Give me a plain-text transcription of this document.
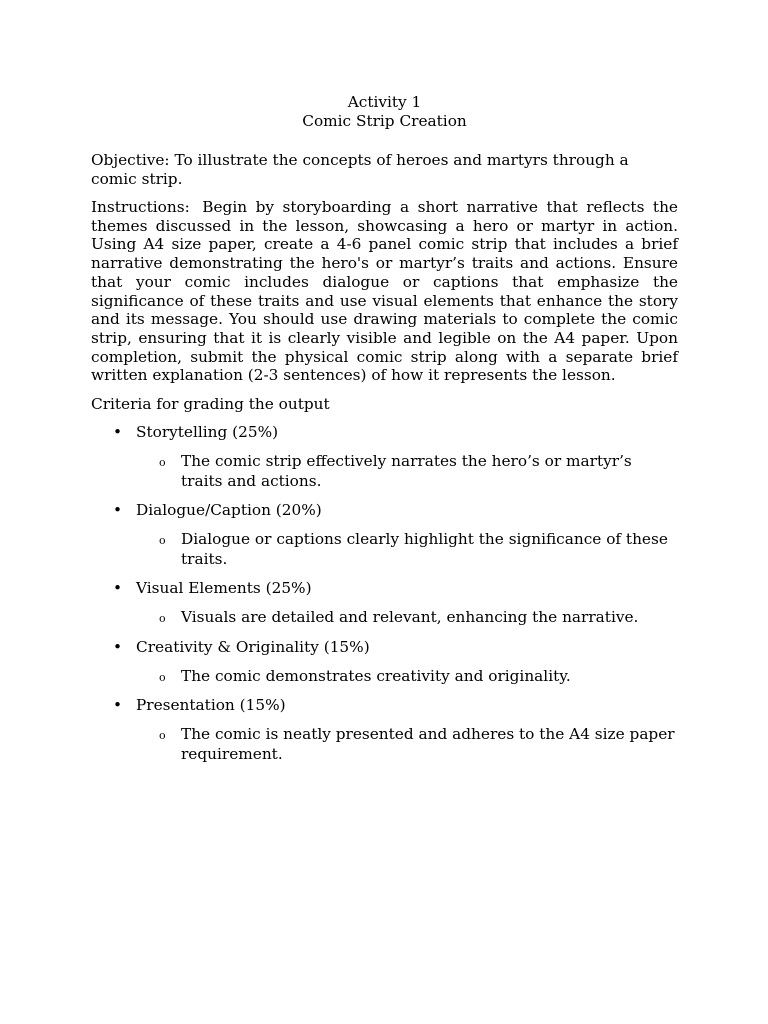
Activity 1
Comic Strip Creation

Objective: To illustrate the concepts of heroes and martyrs through a comic strip.

Instructions: Begin by storyboarding a short narrative that reflects the themes discussed in the lesson, showcasing a hero or martyr in action. Using A4 size paper, create a 4-6 panel comic strip that includes a brief narrative demonstrating the hero's or martyr’s traits and actions. Ensure that your comic includes dialogue or captions that emphasize the significance of these traits and use visual elements that enhance the story and its message. You should use drawing materials to complete the comic strip, ensuring that it is clearly visible and legible on the A4 paper. Upon completion, submit the physical comic strip along with a separate brief written explanation (2-3 sentences) of how it represents the lesson.

Criteria for grading the output
• Storytelling (25%)
o The comic strip effectively narrates the hero’s or martyr’s traits and actions.
• Dialogue/Caption (20%)
o Dialogue or captions clearly highlight the significance of these traits.
• Visual Elements (25%)
o Visuals are detailed and relevant, enhancing the narrative.
• Creativity & Originality (15%)
o The comic demonstrates creativity and originality.
• Presentation (15%)
o The comic is neatly presented and adheres to the A4 size paper requirement.
